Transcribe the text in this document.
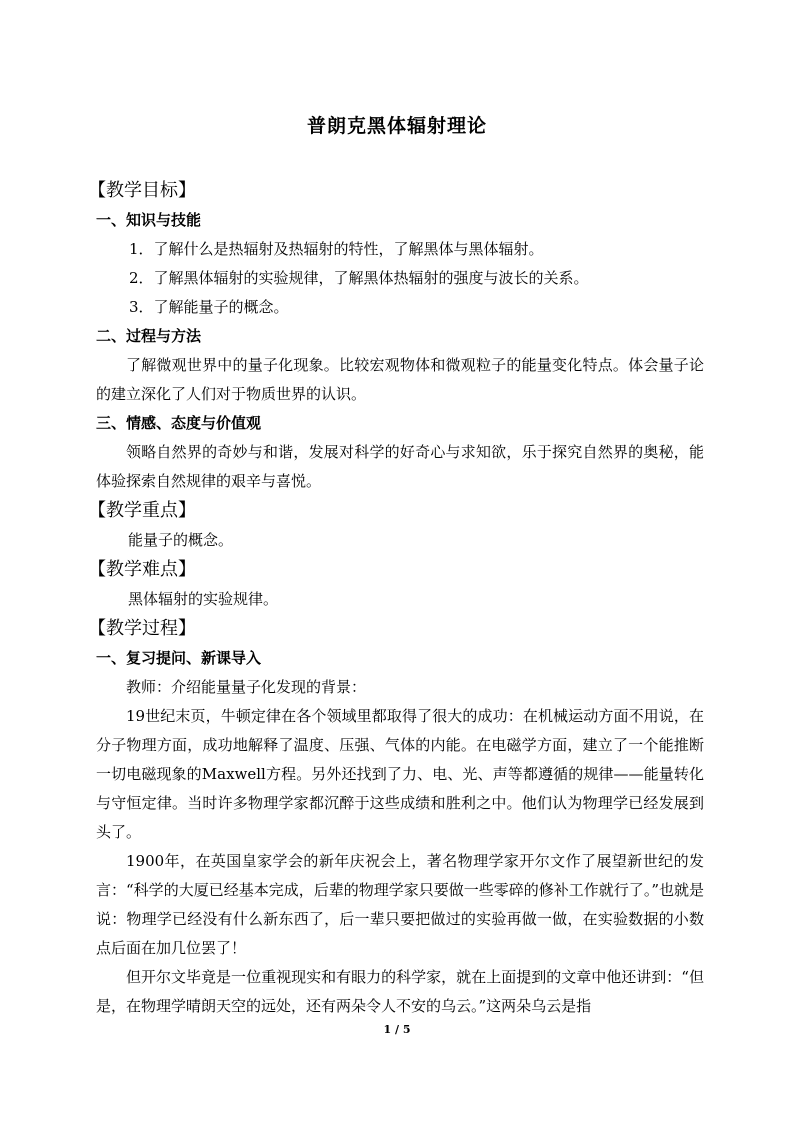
普朗克黑体辐射理论
【教学目标】
一、知识与技能
1．了解什么是热辐射及热辐射的特性，了解黑体与黑体辐射。
2．了解黑体辐射的实验规律，了解黑体热辐射的强度与波长的关系。
3．了解能量子的概念。
二、过程与方法
了解微观世界中的量子化现象。比较宏观物体和微观粒子的能量变化特点。体会量子论的建立深化了人们对于物质世界的认识。
三、情感、态度与价值观
领略自然界的奇妙与和谐，发展对科学的好奇心与求知欲，乐于探究自然界的奥秘，能体验探索自然规律的艰辛与喜悦。
【教学重点】
能量子的概念。
【教学难点】
黑体辐射的实验规律。
【教学过程】
一、复习提问、新课导入
教师：介绍能量量子化发现的背景：
19世纪末页，牛顿定律在各个领域里都取得了很大的成功：在机械运动方面不用说，在分子物理方面，成功地解释了温度、压强、气体的内能。在电磁学方面，建立了一个能推断一切电磁现象的Maxwell方程。另外还找到了力、电、光、声等都遵循的规律——能量转化与守恒定律。当时许多物理学家都沉醉于这些成绩和胜利之中。他们认为物理学已经发展到头了。
1900年，在英国皇家学会的新年庆祝会上，著名物理学家开尔文作了展望新世纪的发言：“科学的大厦已经基本完成，后辈的物理学家只要做一些零碎的修补工作就行了。”也就是说：物理学已经没有什么新东西了，后一辈只要把做过的实验再做一做，在实验数据的小数点后面在加几位罢了！
但开尔文毕竟是一位重视现实和有眼力的科学家，就在上面提到的文章中他还讲到：“但是，在物理学晴朗天空的远处，还有两朵令人不安的乌云。”这两朵乌云是指
1 / 5
